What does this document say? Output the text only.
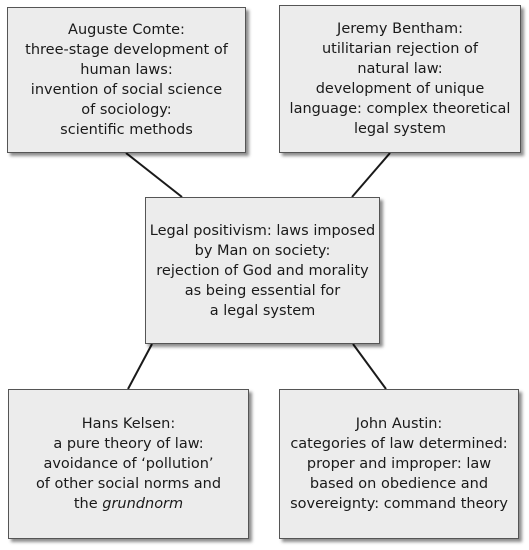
Auguste Comte:
three-stage development of
human laws:
invention of social science
of sociology:
scientific methods
Jeremy Bentham:
utilitarian rejection of
natural law:
development of unique
language: complex theoretical
legal system
Legal positivism: laws imposed
by Man on society:
rejection of God and morality
as being essential for
a legal system
Hans Kelsen:
a pure theory of law:
avoidance of ‘pollution’
of other social norms and
the grundnorm
John Austin:
categories of law determined:
proper and improper: law
based on obedience and
sovereignty: command theory
